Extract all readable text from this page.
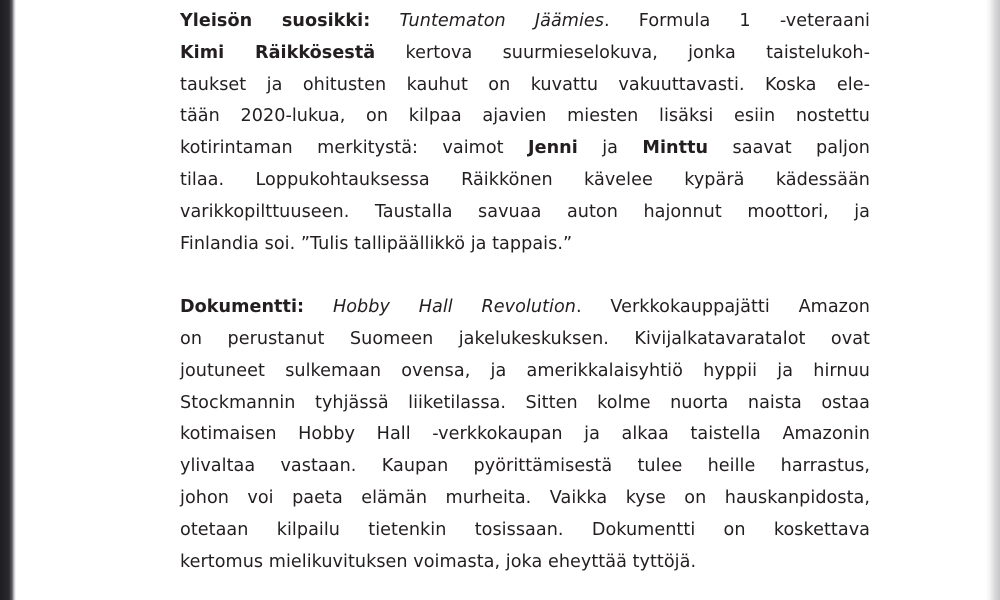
Yleisön suosikki: Tuntematon Jäämies. Formula 1 -veteraani
Kimi Räikkösestä kertova suurmieselokuva, jonka taistelukoh-
taukset ja ohitusten kauhut on kuvattu vakuuttavasti. Koska ele-
tään 2020-lukua, on kilpaa ajavien miesten lisäksi esiin nostettu
kotirintaman merkitystä: vaimot Jenni ja Minttu saavat paljon
tilaa. Loppukohtauksessa Räikkönen kävelee kypärä kädessään
varikkopilttuuseen. Taustalla savuaa auton hajonnut moottori, ja
Finlandia soi. ”Tulis tallipäällikkö ja tappais.”
Dokumentti: Hobby Hall Revolution. Verkkokauppajätti Amazon
on perustanut Suomeen jakelukeskuksen. Kivijalkatavaratalot ovat
joutuneet sulkemaan ovensa, ja amerikkalaisyhtiö hyppii ja hirnuu
Stockmannin tyhjässä liiketilassa. Sitten kolme nuorta naista ostaa
kotimaisen Hobby Hall -verkkokaupan ja alkaa taistella Amazonin
ylivaltaa vastaan. Kaupan pyörittämisestä tulee heille harrastus,
johon voi paeta elämän murheita. Vaikka kyse on hauskanpidosta,
otetaan kilpailu tietenkin tosissaan. Dokumentti on koskettava
kertomus mielikuvituksen voimasta, joka eheyttää tyttöjä.
